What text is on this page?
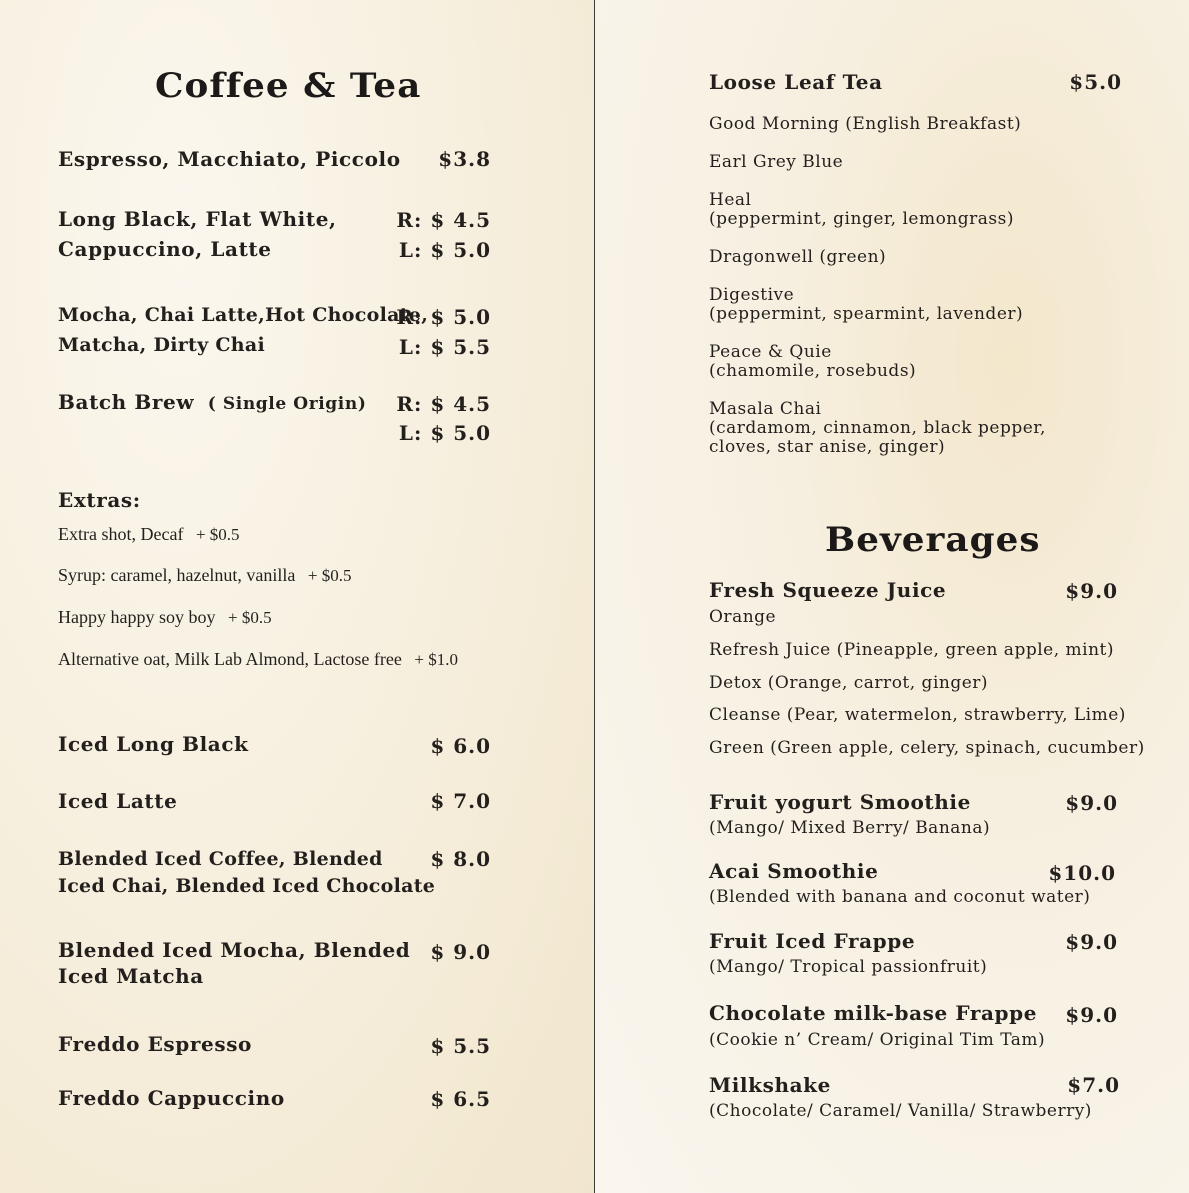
Coffee & Tea
Espresso, Macchiato, Piccolo $3.8
Long Black, Flat White,
Cappuccino, Latte
R: $ 4.5
L: $ 5.0
Mocha, Chai Latte,Hot Chocolate,
Matcha, Dirty Chai
R: $ 5.0
L: $ 5.5
Batch Brew ( Single Origin) R: $ 4.5
L: $ 5.0
Extras:
Extra shot, Decaf + $0.5
Syrup: caramel, hazelnut, vanilla + $0.5
Happy happy soy boy + $0.5
Alternative oat, Milk Lab Almond, Lactose free + $1.0
Iced Long Black	$ 6.0
Iced Latte	$ 7.0
Blended Iced Coffee, Blended
Iced Chai, Blended Iced Chocolate
$ 8.0
Blended Iced Mocha, Blended
Iced Matcha
$ 9.0
Freddo Espresso	$ 5.5
Freddo Cappuccino	$ 6.5
Loose Leaf Tea	$5.0
Good Morning (English Breakfast)
Earl Grey Blue
Heal
(peppermint, ginger, lemongrass)
Dragonwell (green)
Digestive
(peppermint, spearmint, lavender)
Peace & Quie
(chamomile, rosebuds)
Masala Chai
(cardamom, cinnamon, black pepper,
cloves, star anise, ginger)
Beverages
Fresh Squeeze Juice	$9.0
Orange
Refresh Juice (Pineapple, green apple, mint)
Detox (Orange, carrot, ginger)
Cleanse (Pear, watermelon, strawberry, Lime)
Green (Green apple, celery, spinach, cucumber)
Fruit yogurt Smoothie	$9.0
(Mango/ Mixed Berry/ Banana)
Acai Smoothie	$10.0
(Blended with banana and coconut water)
Fruit Iced Frappe	$9.0
(Mango/ Tropical passionfruit)
Chocolate milk-base Frappe $9.0
(Cookie n’ Cream/ Original Tim Tam)
Milkshake	$7.0
(Chocolate/ Caramel/ Vanilla/ Strawberry)
